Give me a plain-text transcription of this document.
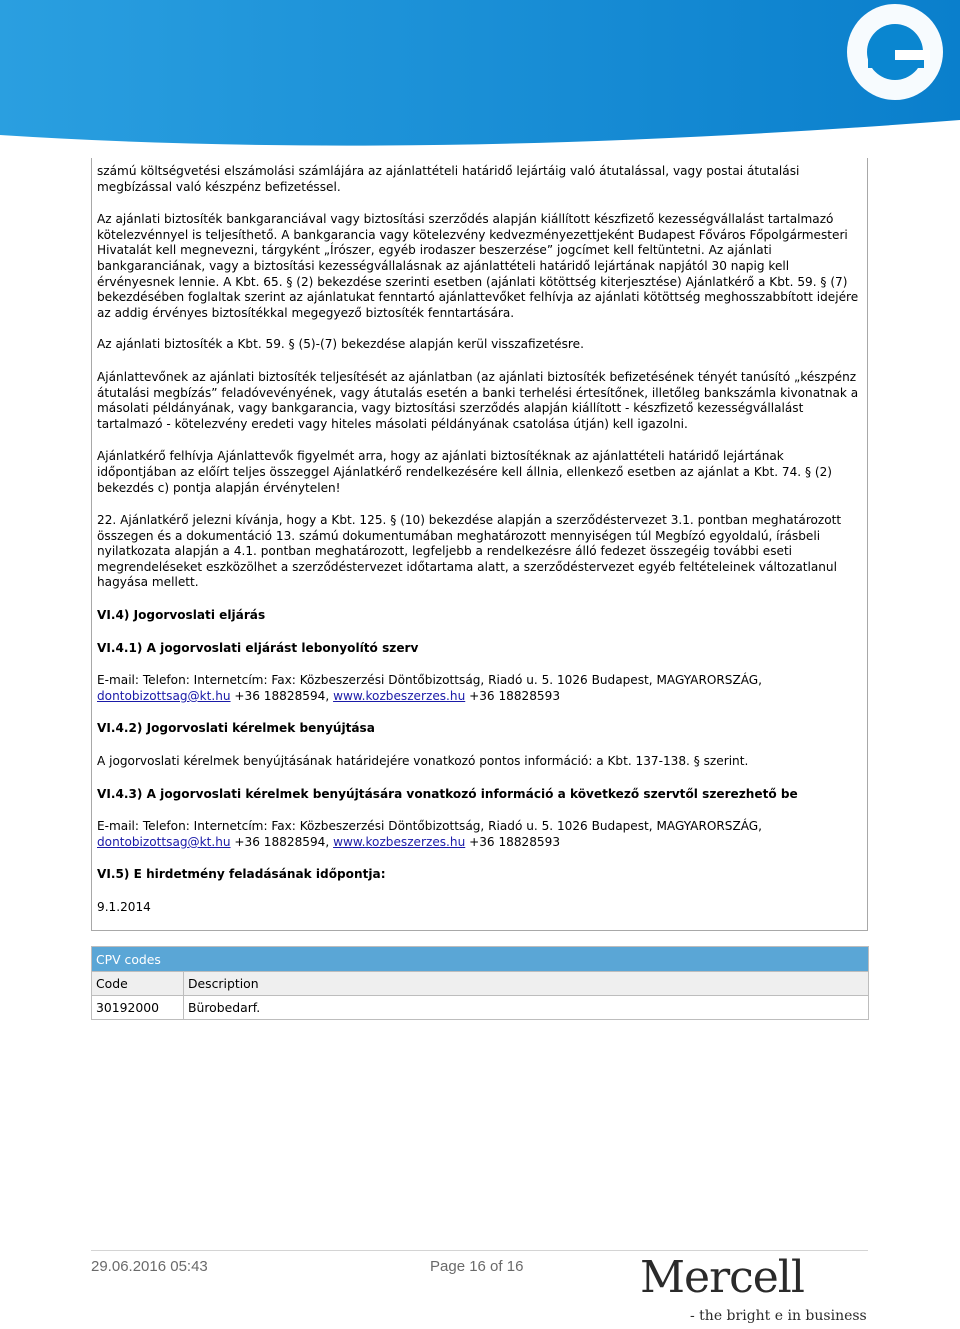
számú költségvetési elszámolási számlájára az ajánlattételi határidő lejártáig való átutalással, vagy postai átutalási megbízással való készpénz befizetéssel.

Az ajánlati biztosíték bankgaranciával vagy biztosítási szerződés alapján kiállított készfizető kezességvállalást tartalmazó kötelezvénnyel is teljesíthető. A bankgarancia vagy kötelezvény kedvezményezettjeként Budapest Főváros Főpolgármesteri Hivatalát kell megnevezni, tárgyként „Írószer, egyéb irodaszer beszerzése” jogcímet kell feltüntetni. Az ajánlati bankgaranciának, vagy a biztosítási kezességvállalásnak az ajánlattételi határidő lejártának napjától 30 napig kell érvényesnek lennie. A Kbt. 65. § (2) bekezdése szerinti esetben (ajánlati kötöttség kiterjesztése) Ajánlatkérő a Kbt. 59. § (7) bekezdésében foglaltak szerint az ajánlatukat fenntartó ajánlattevőket felhívja az ajánlati kötöttség meghosszabbított idejére az addig érvényes biztosítékkal megegyező biztosíték fenntartására.

Az ajánlati biztosíték a Kbt. 59. § (5)-(7) bekezdése alapján kerül visszafizetésre.

Ajánlattevőnek az ajánlati biztosíték teljesítését az ajánlatban (az ajánlati biztosíték befizetésének tényét tanúsító „készpénz átutalási megbízás” feladóvevényének, vagy átutalás esetén a banki terhelési értesítőnek, illetőleg bankszámla kivonatnak a másolati példányának, vagy bankgarancia, vagy biztosítási szerződés alapján kiállított - készfizető kezességvállalást tartalmazó - kötelezvény eredeti vagy hiteles másolati példányának csatolása útján) kell igazolni.

Ajánlatkérő felhívja Ajánlattevők figyelmét arra, hogy az ajánlati biztosítéknak az ajánlattételi határidő lejártának időpontjában az előírt teljes összeggel Ajánlatkérő rendelkezésére kell állnia, ellenkező esetben az ajánlat a Kbt. 74. § (2) bekezdés c) pontja alapján érvénytelen!

22. Ajánlatkérő jelezni kívánja, hogy a Kbt. 125. § (10) bekezdése alapján a szerződéstervezet 3.1. pontban meghatározott összegen és a dokumentáció 13. számú dokumentumában meghatározott mennyiségen túl Megbízó egyoldalú, írásbeli nyilatkozata alapján a 4.1. pontban meghatározott, legfeljebb a rendelkezésre álló fedezet összegéig további eseti megrendeléseket eszközölhet a szerződéstervezet időtartama alatt, a szerződéstervezet egyéb feltételeinek változatlanul hagyása mellett.

VI.4) Jogorvoslati eljárás

VI.4.1) A jogorvoslati eljárást lebonyolító szerv

E-mail: Telefon: Internetcím: Fax: Közbeszerzési Döntőbizottság, Riadó u. 5. 1026 Budapest, MAGYARORSZÁG,
dontobizottsag@kt.hu +36 18828594, www.kozbeszerzes.hu +36 18828593

VI.4.2) Jogorvoslati kérelmek benyújtása

A jogorvoslati kérelmek benyújtásának határidejére vonatkozó pontos információ: a Kbt. 137-138. § szerint.

VI.4.3) A jogorvoslati kérelmek benyújtására vonatkozó információ a következő szervtől szerezhető be

E-mail: Telefon: Internetcím: Fax: Közbeszerzési Döntőbizottság, Riadó u. 5. 1026 Budapest, MAGYARORSZÁG,
dontobizottsag@kt.hu +36 18828594, www.kozbeszerzes.hu +36 18828593

VI.5) E hirdetmény feladásának időpontja:

9.1.2014

CPV codes	
Code	Description
30192000	Bürobedarf.
29.06.2016 05:43	Page 16 of 16	Mercell
- the bright e in business
